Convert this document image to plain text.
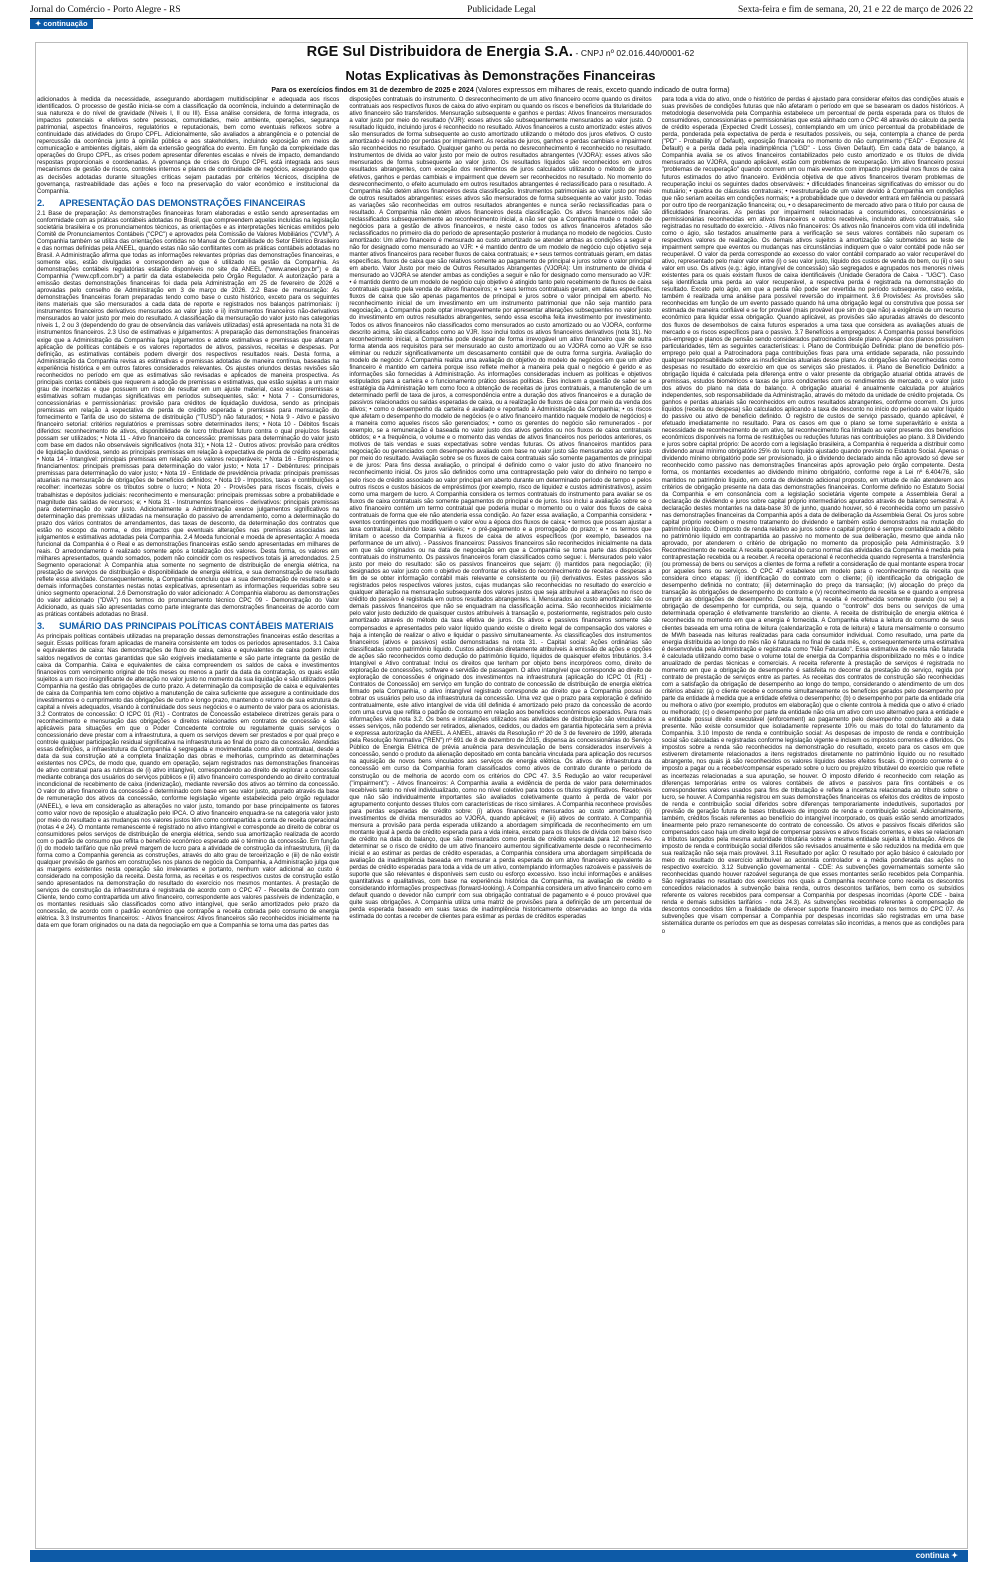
Jornal do Comércio - Porto Alegre - RS	Publicidade Legal	Sexta-feira e fim de semana, 20, 21 e 22 de março de 2026 22
✦ continuação
RGE Sul Distribuidora de Energia S.A. - CNPJ nº 02.016.440/0001-62
Notas Explicativas às Demonstrações Financeiras
Para os exercícios findos em 31 de dezembro de 2025 e 2024 (Valores expressos em milhares de reais, exceto quando indicado de outra forma)

adicionados à medida da necessidade, assegurando abordagem multidisciplinar e adequada aos riscos identificados. O processo de gestão inicia-se com a classificação da ocorrência, incluindo a determinação de sua natureza e do nível de gravidade (Níveis I, II ou III). Essa análise considera, de forma integrada, os impactos potenciais e efetivos sobre pessoas, comunidades, meio ambiente, operações, segurança patrimonial, aspectos financeiros, regulatórios e reputacionais, bem como eventuais reflexos sobre a continuidade das atividades do Grupo CPFL. Adicionalmente, são avaliados a abrangência e o potencial de repercussão da ocorrência junto à opinião pública e aos stakeholders, incluindo exposição em meios de comunicação e ambientes digitais, além da extensão geográfica do evento. Em função da complexidade das operações do Grupo CPFL, as crises podem apresentar diferentes escalas e níveis de impacto, demandando respostas proporcionais e coordenadas. A governança de crises do Grupo CPFL está integrada aos seus mecanismos de gestão de riscos, controles internos e planos de continuidade de negócios, assegurando que as decisões adotadas durante situações críticas sejam pautadas por critérios técnicos, disciplina de governança, rastreabilidade das ações e foco na preservação do valor econômico e institucional da Companhia.

2. APRESENTAÇÃO DAS DEMONSTRAÇÕES FINANCEIRAS

2.1 Base de preparação: As demonstrações financeiras foram elaboradas e estão sendo apresentadas em conformidade com as práticas contábeis adotadas no Brasil, que compreendem aquelas incluídas na legislação societária brasileira e os pronunciamentos técnicos, as orientações e as interpretações técnicas emitidos pelo Comitê de Pronunciamentos Contábeis ("CPC") e aprovados pela Comissão de Valores Mobiliários ("CVM"). A Companhia também se utiliza das orientações contidas no Manual de Contabilidade do Setor Elétrico Brasileiro e das normas definidas pela ANEEL, quando estas não são conflitantes com as práticas contábeis adotadas no Brasil. A Administração afirma que todas as informações relevantes próprias das demonstrações financeiras, e somente elas, estão divulgadas e correspondem ao que é utilizado na gestão da Companhia. As demonstrações contábeis regulatórias estarão disponíveis no site da ANEEL ("www.aneel.gov.br") e da Companhia ("www.cpfl.com.br") a partir da data estabelecida pelo Órgão Regulador. A autorização para a emissão destas demonstrações financeiras foi dada pela Administração em 25 de fevereiro de 2026 e aprovadas pelo conselho de Administração em 3 de março de 2026. 2.2 Base de mensuração: As demonstrações financeiras foram preparadas tendo como base o custo histórico, exceto para os seguintes itens materiais que são mensurados a cada data de reporte e registrados nos balanços patrimoniais: i) instrumentos financeiros derivativos mensurados ao valor justo e ii) instrumentos financeiros não-derivativos mensurados ao valor justo por meio do resultado. A classificação da mensuração do valor justo nas categorias níveis 1, 2 ou 3 (dependendo do grau de observância das variáveis utilizadas) está apresentada na nota 31 de instrumentos financeiros. 2.3 Uso de estimativas e julgamentos: A preparação das demonstrações financeiras exige que a Administração da Companhia faça julgamentos e adote estimativas e premissas que afetam a aplicação de políticas contábeis e os valores reportados de ativos, passivos, receitas e despesas. Por definição, as estimativas contábeis podem divergir dos respectivos resultados reais. Desta forma, a Administração da Companhia revisa as estimativas e premissas adotadas de maneira contínua, baseadas na experiência histórica e em outros fatores considerados relevantes. Os ajustes oriundos destas revisões são reconhecidos no período em que as estimativas são revisadas e aplicados de maneira prospectiva. As principais contas contábeis que requerem a adoção de premissas e estimativas, que estão sujeitas a um maior grau de incertezas e que possuem um risco de resultar em um ajuste material, caso essas premissas e estimativas sofram mudanças significativas em períodos subsequentes, são: • Nota 7 - Consumidores, concessionárias e permissionárias: provisão para créditos de liquidação duvidosa, sendo as principais premissas em relação à expectativa de perda de crédito esperada e premissas para mensuração do fornecimento e Tarifa de uso do sistema de distribuição ("TUSD") não faturados; • Nota 9 - Ativo e passivo financeiro setorial: critérios regulatórios e premissas sobre determinados itens; • Nota 10 - Débitos fiscais diferidos: reconhecimento de ativos, disponibilidade de lucro tributável futuro contra o qual prejuízos fiscais possam ser utilizados; • Nota 11 - Ativo financeiro da concessão: premissas para determinação do valor justo com base em dados não observáveis significativos (nota 31); • Nota 12 - Outros ativos: provisão para créditos de liquidação duvidosa, sendo as principais premissas em relação à expectativa de perda de crédito esperada; • Nota 14 - Intangível: principais premissas em relação aos valores recuperáveis; • Nota 16 - Empréstimos e financiamentos: principais premissas para determinação do valor justo; • Nota 17 - Debêntures: principais premissas para determinação do valor justo; • Nota 19 - Entidade de previdência privada: principais premissas atuariais na mensuração de obrigações de benefícios definidos; • Nota 19 - Impostos, taxas e contribuições a recolher: incertezas sobre os tributos sobre o lucro; • Nota 20 - Provisões para riscos fiscais, cíveis e trabalhistas e depósitos judiciais: reconhecimento e mensuração: principais premissas sobre a probabilidade e magnitude das saídas de recursos; e; • Nota 31 - Instrumentos financeiros - derivativos: principais premissas para determinação do valor justo. Adicionalmente a Administração exerce julgamentos significativos na determinação das premissas utilizadas na mensuração do passivo de arrendamento, como a determinação do prazo dos vários contratos de arrendamentos, das taxas de desconto, da determinação dos contratos que estão no escopo da norma, e dos impactos que eventuais alterações nas premissas associadas aos julgamentos e estimativas adotadas pela Companhia. 2.4 Moeda funcional e moeda de apresentação: A moeda funcional da Companhia é o Real e as demonstrações financeiras estão sendo apresentadas em milhares de reais. O arredondamento é realizado somente após a totalização dos valores. Desta forma, os valores em milhares apresentados, quando somados, podem não coincidir com os respectivos totais já arredondados. 2.5 Segmento operacional: A Companhia atua somente no segmento de distribuição de energia elétrica, na prestação de serviços de distribuição e disponibilidade de energia elétrica, e sua demonstração de resultado reflete essa atividade. Consequentemente, a Companhia concluiu que a sua demonstração de resultado e as demais informações constantes nestas notas explicativas, apresentam as informações requeridas sobre seu único segmento operacional. 2.6 Demonstração do valor adicionado: A Companhia elaborou as demonstrações do valor adicionado ("DVA") nos termos do pronunciamento técnico CPC 09 - Demonstração do Valor Adicionado, as quais são apresentadas como parte integrante das demonstrações financeiras de acordo com as práticas contábeis adotadas no Brasil.

3. SUMÁRIO DAS PRINCIPAIS POLÍTICAS CONTÁBEIS MATERIAIS

As principais políticas contábeis utilizadas na preparação dessas demonstrações financeiras estão descritas a seguir. Essas políticas foram aplicadas de maneira consistente em todos os períodos apresentados. 3.1 Caixa e equivalentes de caixa: Nas demonstrações de fluxo de caixa, caixa e equivalentes de caixa podem incluir saldos negativos de contas garantidas que são exigíveis imediatamente e são parte integrante da gestão de caixa da Companhia. Caixa e equivalentes de caixa compreendem os saldos de caixa e investimentos financeiros com vencimento original de três meses ou menos a partir da data da contratação, os quais estão sujeitos a um risco insignificante de alteração no valor justo no momento da sua liquidação e são utilizados pela Companhia na gestão das obrigações de curto prazo. A determinação da composição de caixa e equivalentes de caixa da Companhia tem como objetivo a manutenção de caixa suficiente que assegure a continuidade dos investimentos e o cumprimento das obrigações de curto e longo prazo, mantendo o retorno de sua estrutura de capital a níveis adequados, visando à continuidade dos seus negócios e o aumento de valor para os acionistas. 3.2 Contratos de concessão: O ICPC 01 (R1) - Contratos de Concessão estabelece diretrizes gerais para o reconhecimento e mensuração das obrigações e direitos relacionados em contratos de concessão e são aplicáveis para situações em que o Poder Concedente controle ou regulamente quais serviços o concessionário deve prestar com a infraestrutura, a quem os serviços devem ser prestados e por qual preço e controle qualquer participação residual significativa na infraestrutura ao final do prazo da concessão. Atendidas essas definições, a infraestrutura da Companhia é segregada e movimentada como ativo contratual, desde a data da sua construção até a completa finalização das obras e melhorias, cumprindo as determinações existentes nos CPCs, de modo que, quando em operação, sejam registrados nas demonstrações financeiras de ativo contratual para as rubricas de (i) ativo intangível, correspondendo ao direito de explorar a concessão mediante cobrança dos usuários do serviços públicos e (ii) ativo financeiro correspondendo ao direito contratual incondicional de recebimento de caixa (indenização), mediante reversão dos ativos ao término da concessão. O valor do ativo financeiro da concessão é determinado com base em seu valor justo, apurado através da base de remuneração dos ativos da concessão, conforme legislação vigente estabelecida pelo órgão regulador (ANEEL), e leva em consideração as alterações no valor justo, tomando por base principalmente os fatores como valor novo de reposição e atualização pelo IPCA. O ativo financeiro enquadra-se na categoria valor justo por meio do resultado e as mudanças nos valores justos têm como contrapartida a conta de receita operacional (notas 4 e 24). O montante remanescente é registrado no ativo intangível e corresponde ao direito de cobrar os consumidores pelos serviços de distribuição de energia elétrica, sendo sua amortização realizada de acordo com o padrão de consumo que reflita o benefício econômico esperado até o término da concessão. Em função (i) do modelo tarifário que não prevê margem de lucro para a atividade de construção da infraestrutura, (ii) da forma como a Companhia gerencia as construções, através do alto grau de terceirização e (iii) de não existir qualquer previsão de ganhos em construções nos planos de negócio da Companhia, a Administração julga que as margens existentes nesta operação são irrelevantes e portanto, nenhum valor adicional ao custo é considerado na composição da receita. Desta forma, as receitas e os respectivos custos de construção estão sendo apresentados na demonstração do resultado do exercício nos mesmos montantes. A prestação de serviços de construção da infraestrutura é registrada de acordo com o CPC 47 - Receita de Contrato com Cliente, tendo como contrapartida um ativo financeiro, correspondente aos valores passíveis de indenização, e os montantes residuais são classificados como ativo intangível, que serão amortizados pelo prazo da concessão, de acordo com o padrão econômico que contrapõe a receita cobrada pelo consumo de energia elétrica. 3.3 Instrumentos financeiros: - Ativos financeiros: Ativos financeiros são reconhecidos inicialmente na data em que foram originados ou na data da negociação em que a Companhia se torna uma das partes das

disposições contratuais do instrumento. O desreconhecimento de um ativo financeiro ocorre quando os direitos contratuais aos respectivos fluxos de caixa do ativo expiram ou quando os riscos e benefícios da titularidade do ativo financeiro são transferidos. Mensuração subsequente e ganhos e perdas: Ativos financeiros mensurados a valor justo por meio do resultado (VJR): esses ativos são subsequentemente mensurados ao valor justo. O resultado líquido, incluindo juros é reconhecido no resultado. Ativos financeiros a custo amortizado: estes ativos são mensurados de forma subsequente ao custo amortizado utilizando o método dos juros efetivos. O custo amortizado é reduzido por perdas por impairment. As receitas de juros, ganhos e perdas cambiais e impairment são reconhecidos no resultado. Qualquer ganho ou perda no desreconhecimento é reconhecido no resultado. Instrumentos de dívida ao valor justo por meio de outros resultados abrangentes (VJORA): esses ativos são mensurados de forma subsequente ao valor justo. Os resultados líquidos são reconhecidos em outros resultados abrangentes, com exceção dos rendimentos de juros calculados utilizando o método de juros efetivos, ganhos e perdas cambiais e impairment que devem ser reconhecidos no resultado. No momento do desreconhecimento, o efeito acumulado em outros resultados abrangentes é reclassificado para o resultado. A Companhia não detém ativos financeiros desta classificação. Instrumentos patrimoniais ao valor justo por meio de outros resultados abrangentes: esses ativos são mensurados de forma subsequente ao valor justo. Todas as variações são reconhecidas em outros resultados abrangentes e nunca serão reclassificadas para o resultado. A Companhia não detém ativos financeiros desta classificação. Os ativos financeiros não são reclassificados subsequentemente ao reconhecimento inicial, a não ser que a Companhia mude o modelo de negócios para a gestão de ativos financeiros, e neste caso todos os ativos financeiros afetados são reclassificados no primeiro dia do período de apresentação posterior à mudança no modelo de negócios. Custo amortizado: Um ativo financeiro é mensurado ao custo amortizado se atender ambas as condições a seguir e não for designado como mensurado ao VJR: • é mantido dentro de um modelo de negócio cujo objetivo seja manter ativos financeiros para receber fluxos de caixa contratuais; e • seus termos contratuais geram, em datas específicas, fluxos de caixa que são relativos somente ao pagamento de principal e juros sobre o valor principal em aberto. Valor Justo por meio de Outros Resultados Abrangentes (VJORA): Um instrumento de dívida é mensurado ao VJORA se atender ambas as condições a seguir e não for designado como mensurado ao VJR: • é mantido dentro de um modelo de negócio cujo objetivo é atingido tanto pelo recebimento de fluxos de caixa contratuais quanto pela venda de ativos financeiros; e • seus termos contratuais geram, em datas específicas, fluxos de caixa que são apenas pagamentos de principal e juros sobre o valor principal em aberto. No reconhecimento inicial de um investimento em um instrumento patrimonial que não seja mantido para negociação, a Companhia pode optar irrevogavelmente por apresentar alterações subsequentes no valor justo do investimento em outros resultados abrangentes, sendo essa escolha feita investimento por investimento. Todos os ativos financeiros não classificados como mensurados ao custo amortizado ou ao VJORA, conforme descrito acima, são classificados como ao VJR. Isso inclui todos os ativos financeiros derivativos (nota 31). No reconhecimento inicial, a Companhia pode designar de forma irrevogável um ativo financeiro que de outra forma atenda aos requisitos para ser mensurado ao custo amortizado ou ao VJORA como ao VJR se isso eliminar ou reduzir significativamente um descasamento contábil que de outra forma surgiria. Avaliação do modelo de negócio: A Companhia realiza uma avaliação do objetivo do modelo de negócios em que um ativo financeiro é mantido em carteira porque isso reflete melhor a maneira pela qual o negócio é gerido e as informações são fornecidas à Administração. As informações consideradas incluem as políticas e objetivos estipulados para a carteira e o funcionamento prático dessas políticas. Eles incluem a questão de saber se a estratégia da Administração tem como foco a obtenção de receitas de juros contratuais, a manutenção de um determinado perfil de taxa de juros, a correspondência entre a duração dos ativos financeiros e a duração de passivos relacionados ou saídas esperadas de caixa, ou a realização de fluxos de caixa por meio da venda dos ativos; • como o desempenho da carteira é avaliado e reportado à Administração da Companhia; • os riscos que afetam o desempenho do modelo de negócios (e o ativo financeiro mantido naquele modelo de negócios) e a maneira como aqueles riscos são gerenciados; • como os gerentes do negócio são remunerados - por exemplo, se a remuneração é baseada no valor justo dos ativos geridos ou nos fluxos de caixa contratuais obtidos; e • a frequência, o volume e o momento das vendas de ativos financeiros nos períodos anteriores, os motivos de tais vendas e suas expectativas sobre vendas futuras. Os ativos financeiros mantidos para negociação ou gerenciados com desempenho avaliado com base no valor justo são mensurados ao valor justo por meio do resultado. Avaliação sobre se os fluxos de caixa contratuais são somente pagamentos de principal e de juros: Para fins dessa avaliação, o principal é definido como o valor justo do ativo financeiro no reconhecimento inicial. Os juros são definidos como uma contraprestação pelo valor do dinheiro no tempo e pelo risco de crédito associado ao valor principal em aberto durante um determinado período de tempo e pelos outros riscos e custos básicos de empréstimos (por exemplo, risco de liquidez e custos administrativos), assim como uma margem de lucro. A Companhia considera os termos contratuais do instrumento para avaliar se os fluxos de caixa contratuais são somente pagamentos do principal e de juros. Isso inclui a avaliação sobre se o ativo financeiro contém um termo contratual que poderia mudar o momento ou o valor dos fluxos de caixa contratuais de forma que ele não atenderia essa condição. Ao fazer essa avaliação, a Companhia considera: • eventos contingentes que modifiquem o valor e/ou a época dos fluxos de caixa; • termos que possam ajustar a taxa contratual, incluindo taxas variáveis; • o pré-pagamento e a prorrogação do prazo; e • os termos que limitam o acesso da Companhia a fluxos de caixa de ativos específicos (por exemplo, baseados na performance de um ativo). - Passivos financeiros: Passivos financeiros são reconhecidos inicialmente na data em que são originados ou na data de negociação em que a Companhia se torna parte das disposições contratuais do instrumento. Os passivos financeiros foram classificados como segue: i. Mensurados pelo valor justo por meio do resultado: são os passivos financeiros que sejam: (i) mantidos para negociação; (ii) designados ao valor justo com o objetivo de confrontar os efeitos do reconhecimento de receitas e despesas a fim de se obter informação contábil mais relevante e consistente ou (iii) derivativos. Estes passivos são registrados pelos respectivos valores justos, cujas mudanças são reconhecidas no resultado do exercício e qualquer alteração na mensuração subsequente dos valores justos que seja atribuível a alterações no risco de crédito do passivo é registrada em outros resultados abrangentes. ii. Mensurados ao custo amortizado: são os demais passivos financeiros que não se enquadram na classificação acima. São reconhecidos inicialmente pelo valor justo deduzido de quaisquer custos atribuíveis à transação e, posteriormente, registrados pelo custo amortizado através do método da taxa efetiva de juros. Os ativos e passivos financeiros somente são compensados e apresentados pelo valor líquido quando existe o direito legal de compensação dos valores e haja a intenção de realizar o ativo e liquidar o passivo simultaneamente. As classificações dos instrumentos financeiros (ativos e passivos) estão demonstradas na nota 31. - Capital social: Ações ordinárias são classificadas como patrimônio líquido. Custos adicionais diretamente atribuíveis à emissão de ações e opções de ações são reconhecidos como dedução do patrimônio líquido, líquidos de quaisquer efeitos tributários. 3.4 Intangível e Ativo contratual: Inclui os direitos que tenham por objeto bens incorpóreos como, direito de exploração de concessões, software e servidão de passagem. O ativo intangível que corresponde ao direito de exploração de concessões é originado dos investimentos na infraestrutura (aplicação do ICPC 01 (R1) - Contratos de Concessão) em serviço em função do contrato de concessão de distribuição de energia elétrica firmado pela Companhia, o ativo intangível registrado corresponde ao direito que a Companhia possui de cobrar os usuários pelo uso da infraestrutura da concessão. Uma vez que o prazo para exploração é definido contratualmente, este ativo intangível de vida útil definida é amortizado pelo prazo da concessão de acordo com uma curva que reflita o padrão de consumo em relação aos benefícios econômicos esperados. Para mais informações vide nota 3.2. Os bens e instalações utilizados nas atividades de distribuição são vinculados a esses serviços, não podendo ser retirados, alienados, cedidos, ou dados em garantia hipotecária sem a prévia e expressa autorização da ANEEL. A ANEEL, através da Resolução nº 20 de 3 de fevereiro de 1999, alterada pela Resolução Normativa ("REN") nº 691 de 8 de dezembro de 2015, dispensa às concessionárias do Serviço Público de Energia Elétrica de prévia anuência para desvinculação de bens considerados inservíveis à concessão, sendo o produto da alienação depositado em conta bancária vinculada para aplicação dos recursos na aquisição de novos bens vinculados aos serviços de energia elétrica. Os ativos de infraestrutura da concessão em curso da Companhia foram classificados como ativos de contrato durante o período de construção ou de melhoria de acordo com os critérios do CPC 47. 3.5 Redução ao valor recuperável ("impairment"): - Ativos financeiros: A Companhia avalia a evidência de perda de valor para determinados recebíveis tanto no nível individualizado, como no nível coletivo para todos os títulos significativos. Recebíveis que não são individualmente importantes são avaliados coletivamente quanto à perda de valor por agrupamento conjunto desses títulos com características de risco similares. A Companhia reconhece provisões para perdas esperadas de crédito sobre: (i) ativos financeiros mensurados ao custo amortizado; (ii) investimentos de dívida mensurados ao VJORA, quando aplicável; e (iii) ativos de contrato. A Companhia mensura a provisão para perda esperada utilizando a abordagem simplificada de reconhecimento em um montante igual à perda de crédito esperada para a vida inteira, exceto para os títulos de dívida com baixo risco de crédito na data do balanço, que são mensurados como perda de crédito esperada para 12 meses. Ao determinar se o risco de crédito de um ativo financeiro aumentou significativamente desde o reconhecimento inicial e ao estimar as perdas de crédito esperadas, a Companhia considera uma abordagem simplificada de avaliação da inadimplência baseada em mensurar a perda esperada de um ativo financeiro equivalente às perdas de crédito esperadas para toda a vida de um ativo, contemplando informações razoáveis e passíveis de suporte que são relevantes e disponíveis sem custo ou esforço excessivo. Isso inclui informações e análises quantitativas e qualitativas, com base na experiência histórica da Companhia, na avaliação de crédito e considerando informações prospectivas (forward-looking). A Companhia considera um ativo financeiro como em default quando o devedor não cumprir com sua obrigação contratual de pagamento e é pouco provável que quite suas obrigações. A Companhia utiliza uma matriz de provisões para a definição de um percentual de perda esperada baseado em suas taxas de inadimplência historicamente observadas ao longo da vida estimada do contas a receber de clientes para estimar as perdas de créditos esperadas

para toda a vida do ativo, onde o histórico de perdas é ajustado para considerar efeitos das condições atuais e suas previsões de condições futuras que não afetaram o período em que se basearam os dados históricos. A metodologia desenvolvida pela Companhia estabelece um percentual de perda esperada para os títulos de consumidores, concessionárias e permissionárias que está alinhado com o CPC 48 através do cálculo da perda de crédito esperada (Expected Credit Losses), contemplando em um único percentual da probabilidade de perda, ponderada pela expectativa de perda e resultados possíveis, ou seja, contempla a chance de perda ("PD" - Probability of Default), exposição financeira no momento do não cumprimento ("EAD" - Exposure At Default) e a perda dada pela inadimplência ("LGD" - Loss Given Default). Em cada data de balanço, a Companhia avalia se os ativos financeiros contabilizados pelo custo amortizado e os títulos de dívida mensurados ao VJORA, quando aplicável, estão com problemas de recuperação. Um ativo financeiro possui "problemas de recuperação" quando ocorrem um ou mais eventos com impacto prejudicial nos fluxos de caixa futuros estimados do ativo financeiro. Evidência objetiva de que ativos financeiros tiveram problemas de recuperação inclui os seguintes dados observáveis: • dificuldades financeiras significativas do emissor ou do mutuário; • quebra de cláusulas contratuais; • reestruturação de um valor devido à Companhia em condições que não seriam aceitas em condições normais; • a probabilidade que o devedor entrará em falência ou passará por outro tipo de reorganização financeira; ou, • o desaparecimento de mercado ativo para o título por causa de dificuldades financeiras. As perdas por impairment relacionadas a consumidores, concessionárias e permissionárias reconhecidas em ativos financeiros e outros recebíveis, incluindo ativos contratuais, são registradas no resultado do exercício. - Ativos não financeiros: Os ativos não financeiros com vida útil indefinida como o ágio, são testados anualmente para a verificação se seus valores contábeis não superam os respectivos valores de realização. Os demais ativos sujeitos à amortização são submetidos ao teste de impairment sempre que eventos ou mudanças nas circunstâncias indiquem que o valor contábil pode não ser recuperável. O valor da perda corresponde ao excesso do valor contábil comparado ao valor recuperável do ativo, representado pelo maior valor entre (i) o seu valor justo, líquido dos custos de venda do bem, ou (ii) o seu valor em uso. Os ativos (e.g.: ágio, intangível de concessão) são segregados e agrupados nos menores níveis existentes para os quais existam fluxos de caixa identificáveis (Unidade Geradora de Caixa - "UGC"). Caso seja identificada uma perda ao valor recuperável, a respectiva perda é registrada na demonstração do resultado. Exceto pelo ágio, em que a perda não pode ser revertida no período subsequente, caso exista, também é realizada uma análise para possível reversão do impairment. 3.6 Provisões: As provisões são reconhecidas em função de um evento passado quando há uma obrigação legal ou construtiva que possa ser estimada de maneira confiável e se for provável (mais provável que sim do que não) a exigência de um recurso econômico para liquidar essa obrigação. Quando aplicável, as provisões são apuradas através do desconto dos fluxos de desembolsos de caixa futuros esperados a uma taxa que considera as avaliações atuais de mercado e os riscos específicos para o passivo. 3.7 Benefícios a empregados: A Companhia possui benefícios pós-emprego e planos de pensão sendo considerados patrocinados deste plano. Apesar dos planos possuírem particularidades, têm as seguintes características: i. Plano de Contribuição Definida: plano de benefício pós-emprego pelo qual a Patrocinadora paga contribuições fixas para uma entidade separada, não possuindo qualquer responsabilidade sobre as insuficiências atuariais desse plano. As obrigações são reconhecidas como despesas no resultado do exercício em que os serviços são prestados. ii. Plano de Benefício Definido: a obrigação líquida é calculada pela diferença entre o valor presente da obrigação atuarial obtida através de premissas, estudos biométricos e taxas de juros condizentes com os rendimentos de mercado, e o valor justo dos ativos do plano na data do balanço. A obrigação atuarial é anualmente calculada por atuários independentes, sob responsabilidade da Administração, através do método da unidade de crédito projetada. Os ganhos e perdas atuariais são reconhecidos em outros resultados abrangentes, conforme ocorrem. Os juros líquidos (receita ou despesa) são calculados aplicando a taxa de desconto no início do período ao valor líquido do passivo ou ativo de benefício definido. O registro de custos de serviço passado, quando aplicável, é efetuado imediatamente no resultado. Para os casos em que o plano se torne superavitário e exista a necessidade de reconhecimento de um ativo, tal reconhecimento fica limitado ao valor presente dos benefícios econômicos disponíveis na forma de restituições ou reduções futuras nas contribuições ao plano. 3.8 Dividendo e juros sobre capital próprio: De acordo com a legislação brasileira, a Companhia é requerida a distribuir como dividendo anual mínimo obrigatório 25% do lucro líquido ajustado quando previsto no Estatuto Social. Apenas o dividendo mínimo obrigatório pode ser provisionado, já o dividendo declarado ainda não aprovado só deve ser reconhecido como passivo nas demonstrações financeiras após aprovação pelo órgão competente. Desta forma, os montantes excedentes ao dividendo mínimo obrigatório, conforme rege a Lei nº 6.404/76, são mantidos no patrimônio líquido, em conta de dividendo adicional proposto, em virtude de não atenderem aos critérios de obrigação presente na data das demonstrações financeiras. Conforme definido no Estatuto Social da Companhia e em consonância com a legislação societária vigente compete a Assembleia Geral a declaração de dividendo e juros sobre capital próprio intermediários apurados através de balanço semestral. A declaração destes montantes na data-base 30 de junho, quando houver, só é reconhecida como um passivo nas demonstrações financeiras da Companhia após a data de deliberação da Assembleia Geral. Os juros sobre capital próprio recebem o mesmo tratamento do dividendo e também estão demonstrados na mutação do patrimônio líquido. O imposto de renda relativo ao juros sobre o capital próprio é sempre contabilizado a débito no patrimônio líquido em contrapartida ao passivo no momento de sua deliberação, mesmo que ainda não aprovado, por atenderem o critério de obrigação no momento da proposição pela Administração. 3.9 Reconhecimento de receita: A receita operacional do curso normal das atividades da Companhia é medida pela contraprestação recebida ou a receber. A receita operacional é reconhecida quando representa a transferência (ou promessa) de bens ou serviços a clientes de forma a refletir a consideração de qual montante espera trocar por aqueles bens ou serviços. O CPC 47 estabelece um modelo para o reconhecimento da receita que considera cinco etapas: (i) identificação do contrato com o cliente; (ii) identificação da obrigação de desempenho definida no contrato; (iii) determinação do preço da transação; (iv) alocação do preço da transação às obrigações de desempenho do contrato e (v) reconhecimento da receita se e quando a empresa cumprir as obrigações de desempenho. Desta forma, a receita é reconhecida somente quando (ou se) a obrigação de desempenho for cumprida, ou seja, quando o "controle" dos bens ou serviços de uma determinada operação é efetivamente transferido ao cliente. A receita de distribuição de energia elétrica é reconhecida no momento em que a energia é fornecida. A Companhia efetua a leitura do consumo de seus clientes baseada em uma rotina de leitura (calendarização e rota de leitura) e fatura mensalmente o consumo de MWh baseada nas leituras realizadas para cada consumidor individual. Como resultado, uma parte da energia distribuída ao longo do mês não é faturada no final de cada mês, e, consequentemente uma estimativa é desenvolvida pela Administração e registrada como "Não Faturado". Essa estimativa de receita não faturada é calculada utilizando como base o volume total de energia da Companhia disponibilizado no mês e o índice anualizado de perdas técnicas e comerciais. A receita referente à prestação de serviços é registrada no momento em que a obrigação de desempenho é satisfeita no decorrer da prestação do serviço, regida por contrato de prestação de serviços entre as partes. As receitas dos contratos de construção são reconhecidas com a satisfação da obrigação de desempenho ao longo do tempo, considerando o atendimento de um dos critérios abaixo: (a) o cliente recebe e consome simultaneamente os benefícios gerados pelo desempenho por parte da entidade à medida que a entidade efetiva o desempenho; (b) o desempenho por parte da entidade cria ou melhora o ativo (por exemplo, produtos em elaboração) que o cliente controla à medida que o ativo é criado ou melhorado; (c) o desempenho por parte da entidade não cria um ativo com uso alternativo para a entidade e a entidade possui direito executável (enforcement) ao pagamento pelo desempenho concluído até a data presente. Não existe consumidor que isoladamente represente 10% ou mais do total do faturamento da Companhia. 3.10 Imposto de renda e contribuição social: As despesas de imposto de renda e contribuição social são calculadas e registradas conforme legislação vigente e incluem os impostos correntes e diferidos. Os impostos sobre a renda são reconhecidos na demonstração do resultado, exceto para os casos em que estiverem diretamente relacionados a itens registrados diretamente no patrimônio líquido ou no resultado abrangente, nos quais já são reconhecidos os valores líquidos destes efeitos fiscais. O imposto corrente é o imposto a pagar ou a receber/compensar esperado sobre o lucro ou prejuízo tributável do exercício que reflete as incertezas relacionadas a sua apuração, se houver. O imposto diferido é reconhecido com relação as diferenças temporárias entre os valores contábeis de ativos e passivos para fins contábeis e os correspondentes valores usados para fins de tributação e reflete a incerteza relacionada ao tributo sobre o lucro, se houver. A Companhia registrou em suas demonstrações financeiras os efeitos dos créditos de imposto de renda e contribuição social diferidos sobre diferenças temporariamente indedutíveis, suportados por previsão de geração futura de bases tributáveis de imposto de renda e contribuição social. Adicionalmente, também, créditos fiscais referentes ao benefício do intangível incorporado, os quais estão sendo amortizados linearmente pelo prazo remanescente do contrato de concessão. Os ativos e passivos fiscais diferidos são compensados caso haja um direito legal de compensar passivos e ativos fiscais correntes, e eles se relacionam a tributos lançados pela mesma autoridade tributária sobre a mesma entidade sujeita à tributação. Ativos de imposto de renda e contribuição social diferidos são revisados anualmente e são reduzidos na medida em que sua realização não seja mais provável. 3.11 Resultado por ação: O resultado por ação básico é calculado por meio do resultado do exercício atribuível ao acionista controlador e a média ponderada das ações no respectivo exercício. 3.12 Subvenção governamental - CDE: As subvenções governamentais somente são reconhecidas quando houver razoável segurança de que esses montantes serão recebidos pela Companhia. São registradas no resultado dos exercícios nos quais a Companhia reconhece como receita os descontos concedidos relacionados à subvenção baixa renda, outros descontos tarifários, bem como os subsídios referente os valores recebidos para compensar a Companhia por despesas incorridas (Aporte CDE - baixa renda e demais subsídios tarifários - nota 24.3). As subvenções recebidas referentes à compensação de descontos concedidos têm a finalidade de oferecer suporte financeiro imediato nos termos do CPC 07. As subvenções que visam compensar a Companhia por despesas incorridas são registradas em uma base sistemática durante os períodos em que as despesas correlatas são incorridas, a menos que as condições para o

continua ✦
